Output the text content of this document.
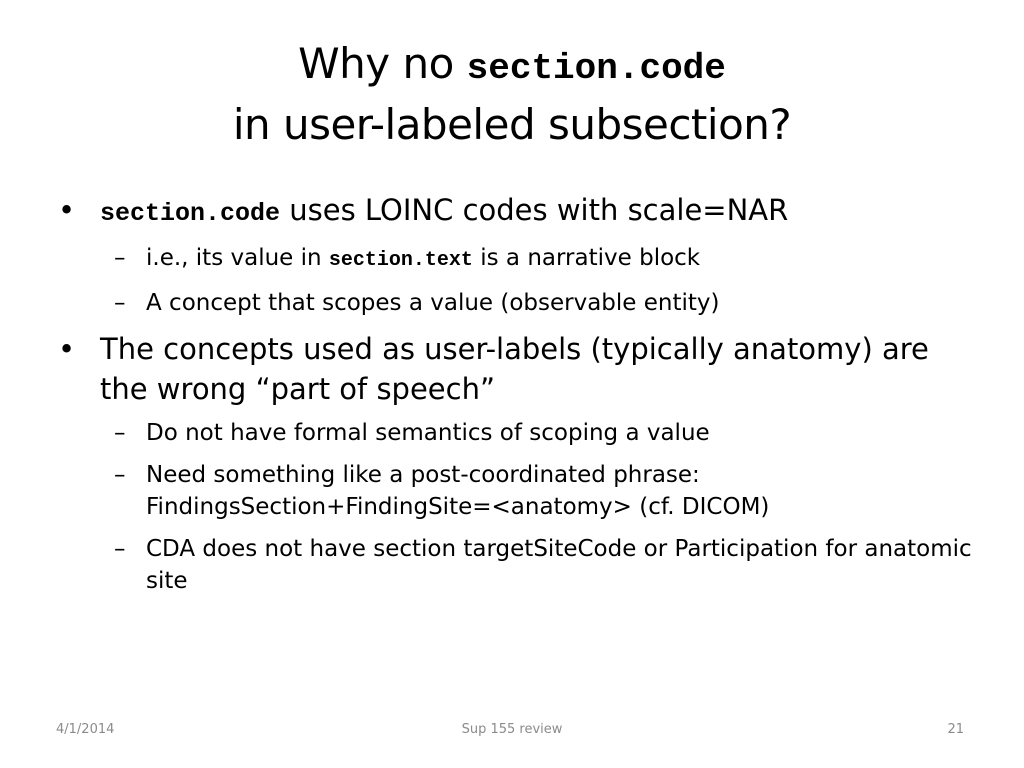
Why no section.code
in user-labeled subsection?
• section.code uses LOINC codes with scale=NAR
– i.e., its value in section.text is a narrative block
– A concept that scopes a value (observable entity)
• The concepts used as user-labels (typically anatomy) are the wrong “part of speech”
– Do not have formal semantics of scoping a value
– Need something like a post-coordinated phrase:
FindingsSection+FindingSite=<anatomy> (cf. DICOM)
– CDA does not have section targetSiteCode or Participation for anatomic site
4/1/2014	Sup 155 review	21
